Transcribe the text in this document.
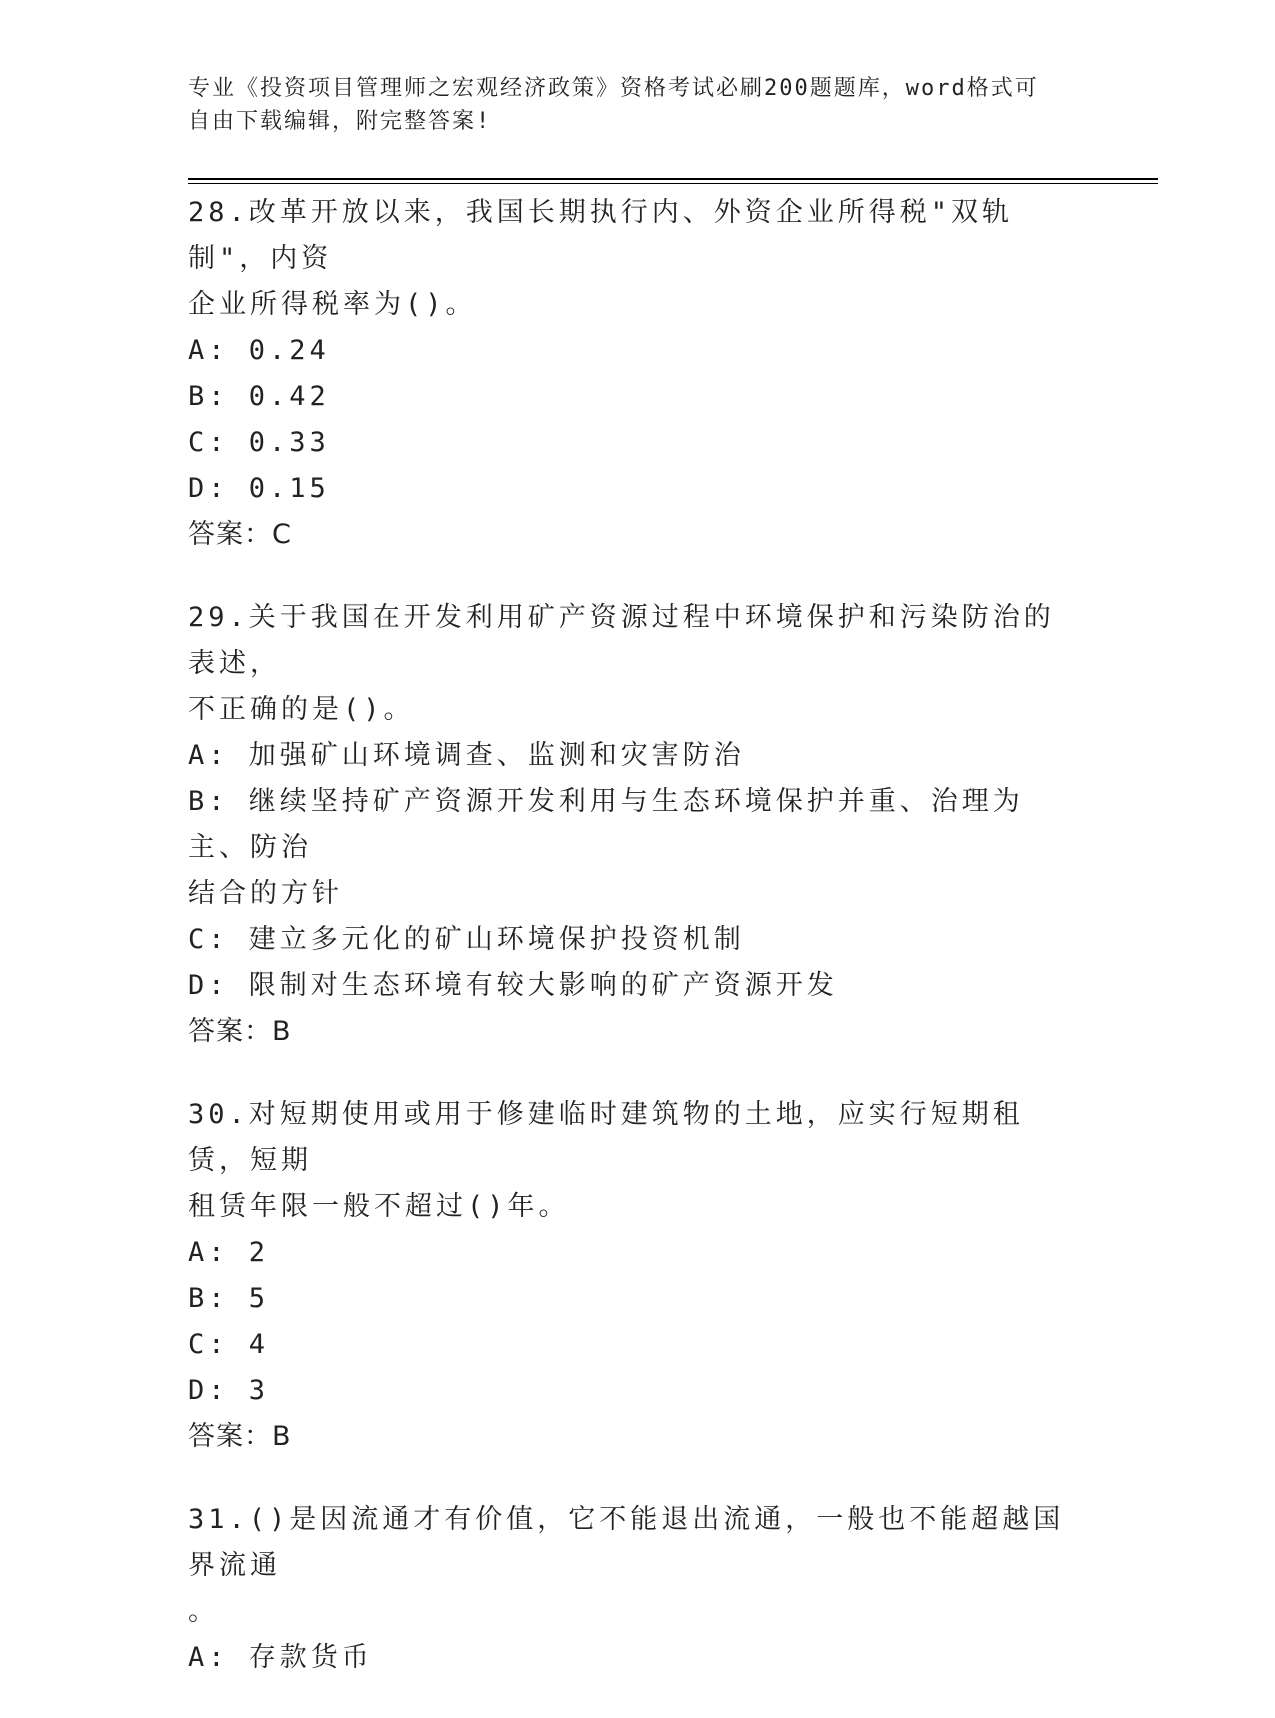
专业《投资项目管理师之宏观经济政策》资格考试必刷200题题库，word格式可
自由下载编辑，附完整答案!
28.改革开放以来，我国长期执行内、外资企业所得税"双轨制"，内资
企业所得税率为()。
A: 0.24
B: 0.42
C: 0.33
D: 0.15
答案：C
29.关于我国在开发利用矿产资源过程中环境保护和污染防治的表述，
不正确的是()。
A: 加强矿山环境调查、监测和灾害防治
B: 继续坚持矿产资源开发利用与生态环境保护并重、治理为主、防治
结合的方针
C: 建立多元化的矿山环境保护投资机制
D: 限制对生态环境有较大影响的矿产资源开发
答案：B
30.对短期使用或用于修建临时建筑物的土地，应实行短期租赁，短期
租赁年限一般不超过()年。
A: 2
B: 5
C: 4
D: 3
答案：B
31.()是因流通才有价值，它不能退出流通，一般也不能超越国界流通
。
A: 存款货币
